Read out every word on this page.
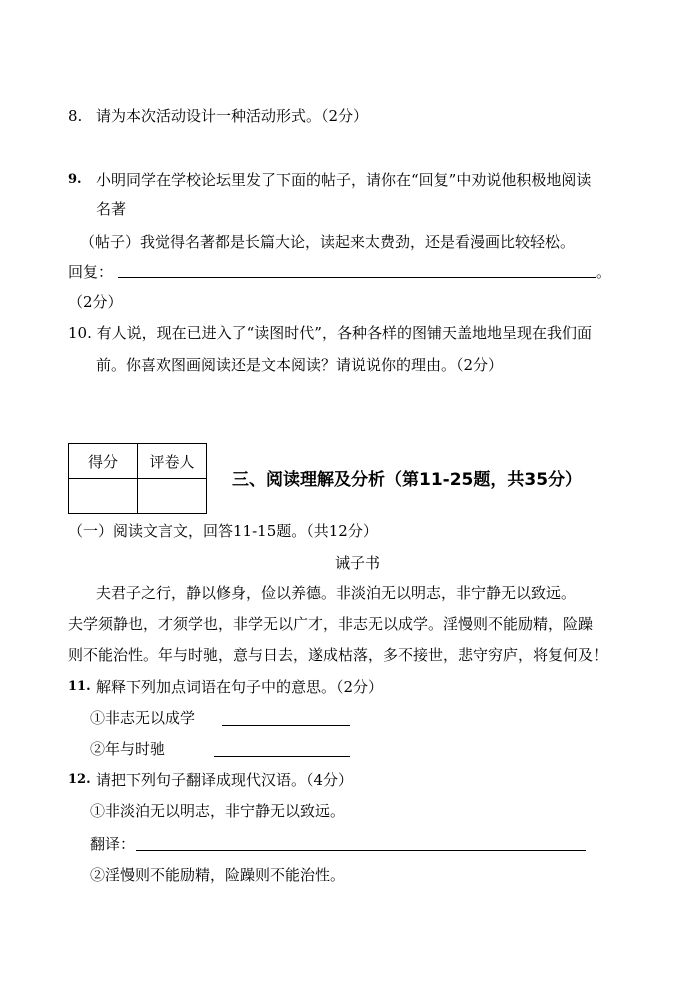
8. 请为本次活动设计一种活动形式。（2分）
9. 小明同学在学校论坛里发了下面的帖子，请你在“回复”中劝说他积极地阅读
名著
（帖子）我觉得名著都是长篇大论，读起来太费劲，还是看漫画比较轻松。
回复：	。
（2分）
10. 有人说，现在已进入了“读图时代”，各种各样的图铺天盖地地呈现在我们面
前。你喜欢图画阅读还是文本阅读？请说说你的理由。（2分）
得分	评卷人

三、阅读理解及分析（第11-25题，共35分）
（一）阅读文言文，回答11-15题。（共12分）
诫子书
夫君子之行，静以修身，俭以养德。非淡泊无以明志，非宁静无以致远。
夫学须静也，才须学也，非学无以广才，非志无以成学。淫慢则不能励精，险躁
则不能治性。年与时驰，意与日去，遂成枯落，多不接世，悲守穷庐，将复何及！
11. 解释下列加点词语在句子中的意思。（2分）
①非志无以成学
②年与时驰
12. 请把下列句子翻译成现代汉语。（4分）
①非淡泊无以明志，非宁静无以致远。
翻译：
②淫慢则不能励精，险躁则不能治性。
